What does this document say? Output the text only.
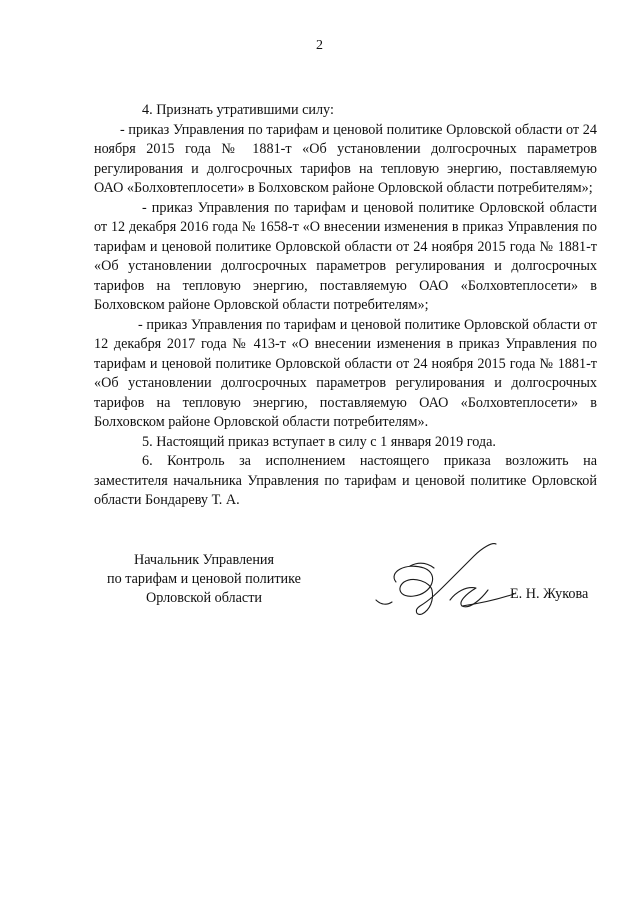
2

4. Признать утратившими силу:

- приказ Управления по тарифам и ценовой политике Орловской области от 24 ноября 2015 года № 1881-т «Об установлении долгосрочных параметров регулирования и долгосрочных тарифов на тепловую энергию, поставляемую ОАО «Болховтеплосети» в Болховском районе Орловской области потребителям»;

- приказ Управления по тарифам и ценовой политике Орловской области от 12 декабря 2016 года № 1658-т «О внесении изменения в приказ Управления по тарифам и ценовой политике Орловской области от 24 ноября 2015 года № 1881-т «Об установлении долгосрочных параметров регулирования и долгосрочных тарифов на тепловую энергию, поставляемую ОАО «Болховтеплосети» в Болховском районе Орловской области потребителям»;

- приказ Управления по тарифам и ценовой политике Орловской области от 12 декабря 2017 года № 413-т «О внесении изменения в приказ Управления по тарифам и ценовой политике Орловской области от 24 ноября 2015 года № 1881-т «Об установлении долгосрочных параметров регулирования и долгосрочных тарифов на тепловую энергию, поставляемую ОАО «Болховтеплосети» в Болховском районе Орловской области потребителям».

5. Настоящий приказ вступает в силу с 1 января 2019 года.

6. Контроль за исполнением настоящего приказа возложить на заместителя начальника Управления по тарифам и ценовой политике Орловской области Бондареву Т. А.

Начальник Управления
по тарифам и ценовой политике
Орловской области	Е. Н. Жукова
